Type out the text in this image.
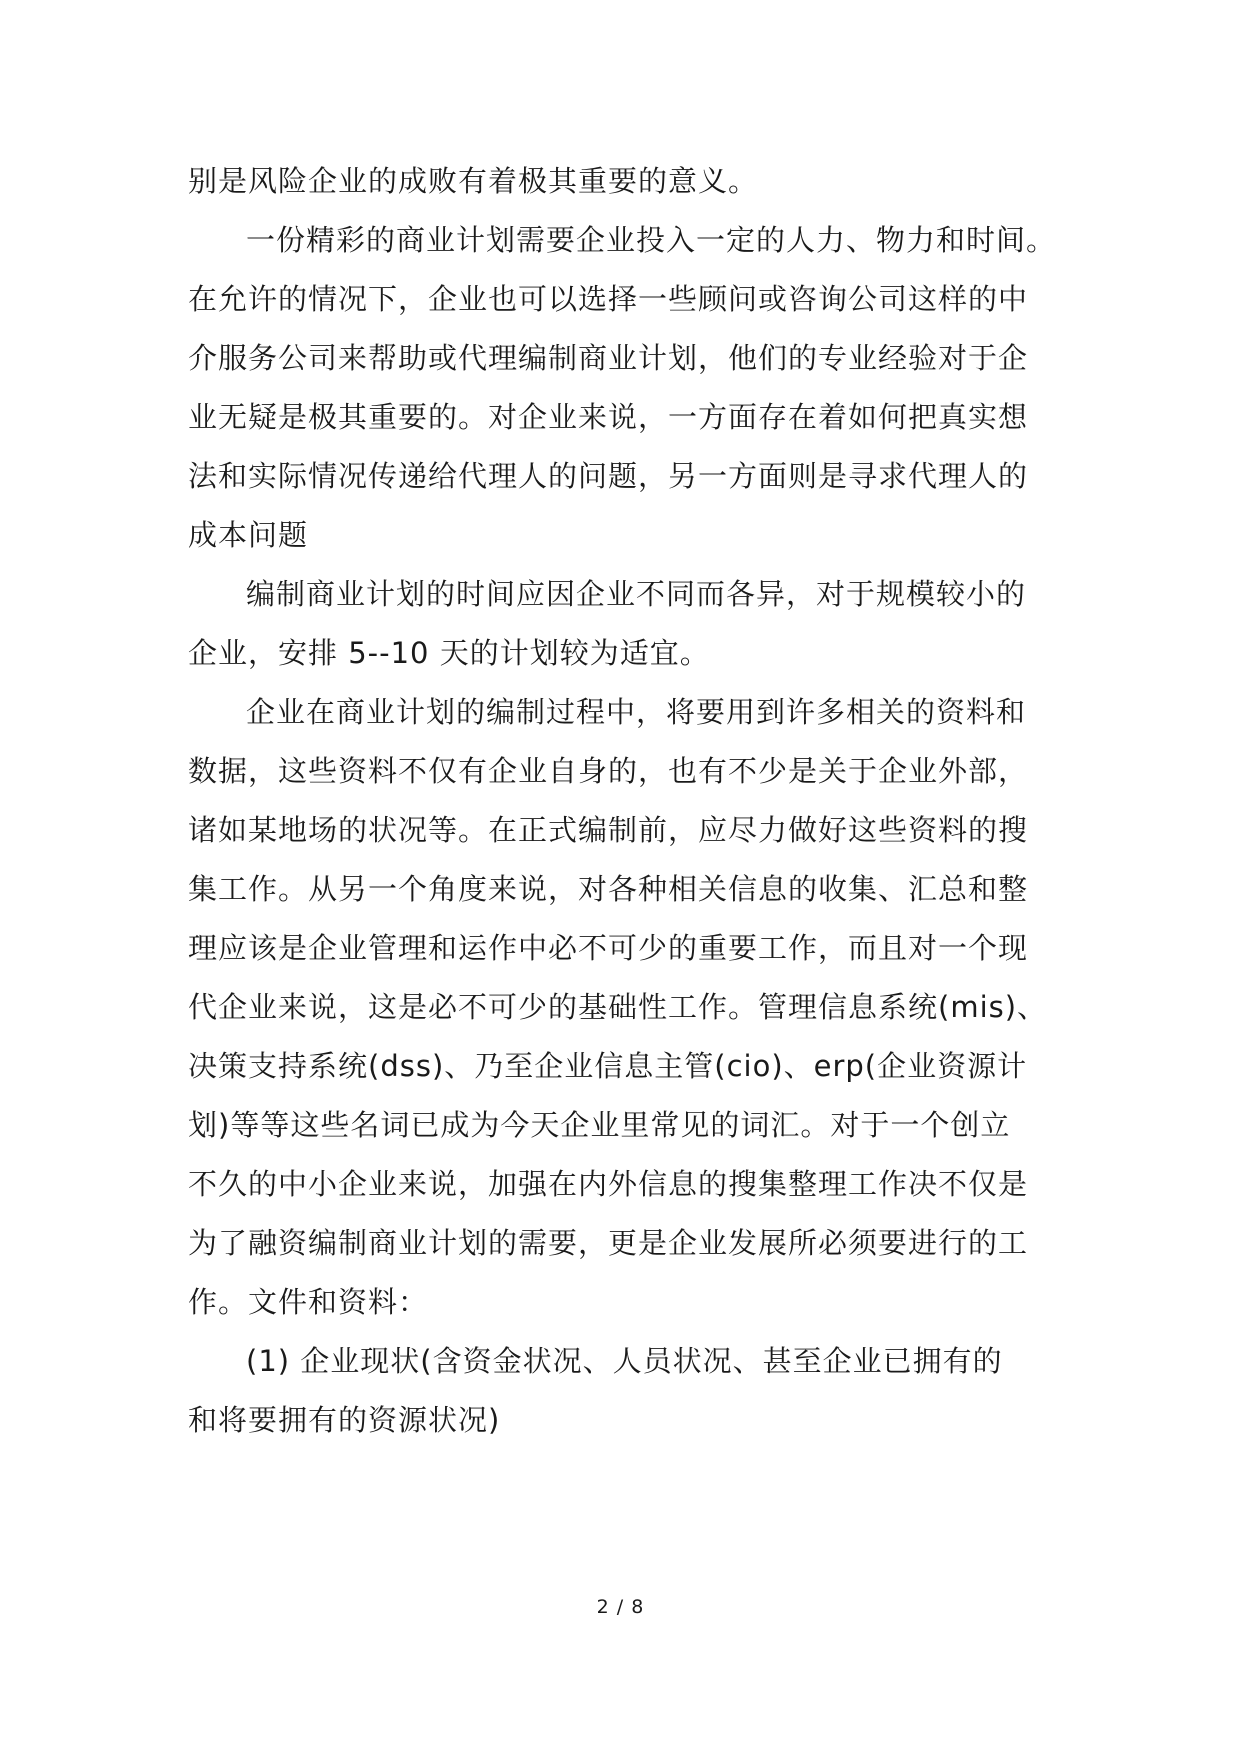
别是风险企业的成败有着极其重要的意义。
一份精彩的商业计划需要企业投入一定的人力、物力和时间。
在允许的情况下，企业也可以选择一些顾问或咨询公司这样的中
介服务公司来帮助或代理编制商业计划，他们的专业经验对于企
业无疑是极其重要的。对企业来说，一方面存在着如何把真实想
法和实际情况传递给代理人的问题，另一方面则是寻求代理人的
成本问题
编制商业计划的时间应因企业不同而各异，对于规模较小的
企业，安排 5--10 天的计划较为适宜。
企业在商业计划的编制过程中，将要用到许多相关的资料和
数据，这些资料不仅有企业自身的，也有不少是关于企业外部，
诸如某地场的状况等。在正式编制前，应尽力做好这些资料的搜
集工作。从另一个角度来说，对各种相关信息的收集、汇总和整
理应该是企业管理和运作中必不可少的重要工作，而且对一个现
代企业来说，这是必不可少的基础性工作。管理信息系统(mis)、
决策支持系统(dss)、乃至企业信息主管(cio)、erp(企业资源计
划)等等这些名词已成为今天企业里常见的词汇。对于一个创立
不久的中小企业来说，加强在内外信息的搜集整理工作决不仅是
为了融资编制商业计划的需要，更是企业发展所必须要进行的工
作。文件和资料：
(1) 企业现状(含资金状况、人员状况、甚至企业已拥有的
和将要拥有的资源状况)
2 / 8
